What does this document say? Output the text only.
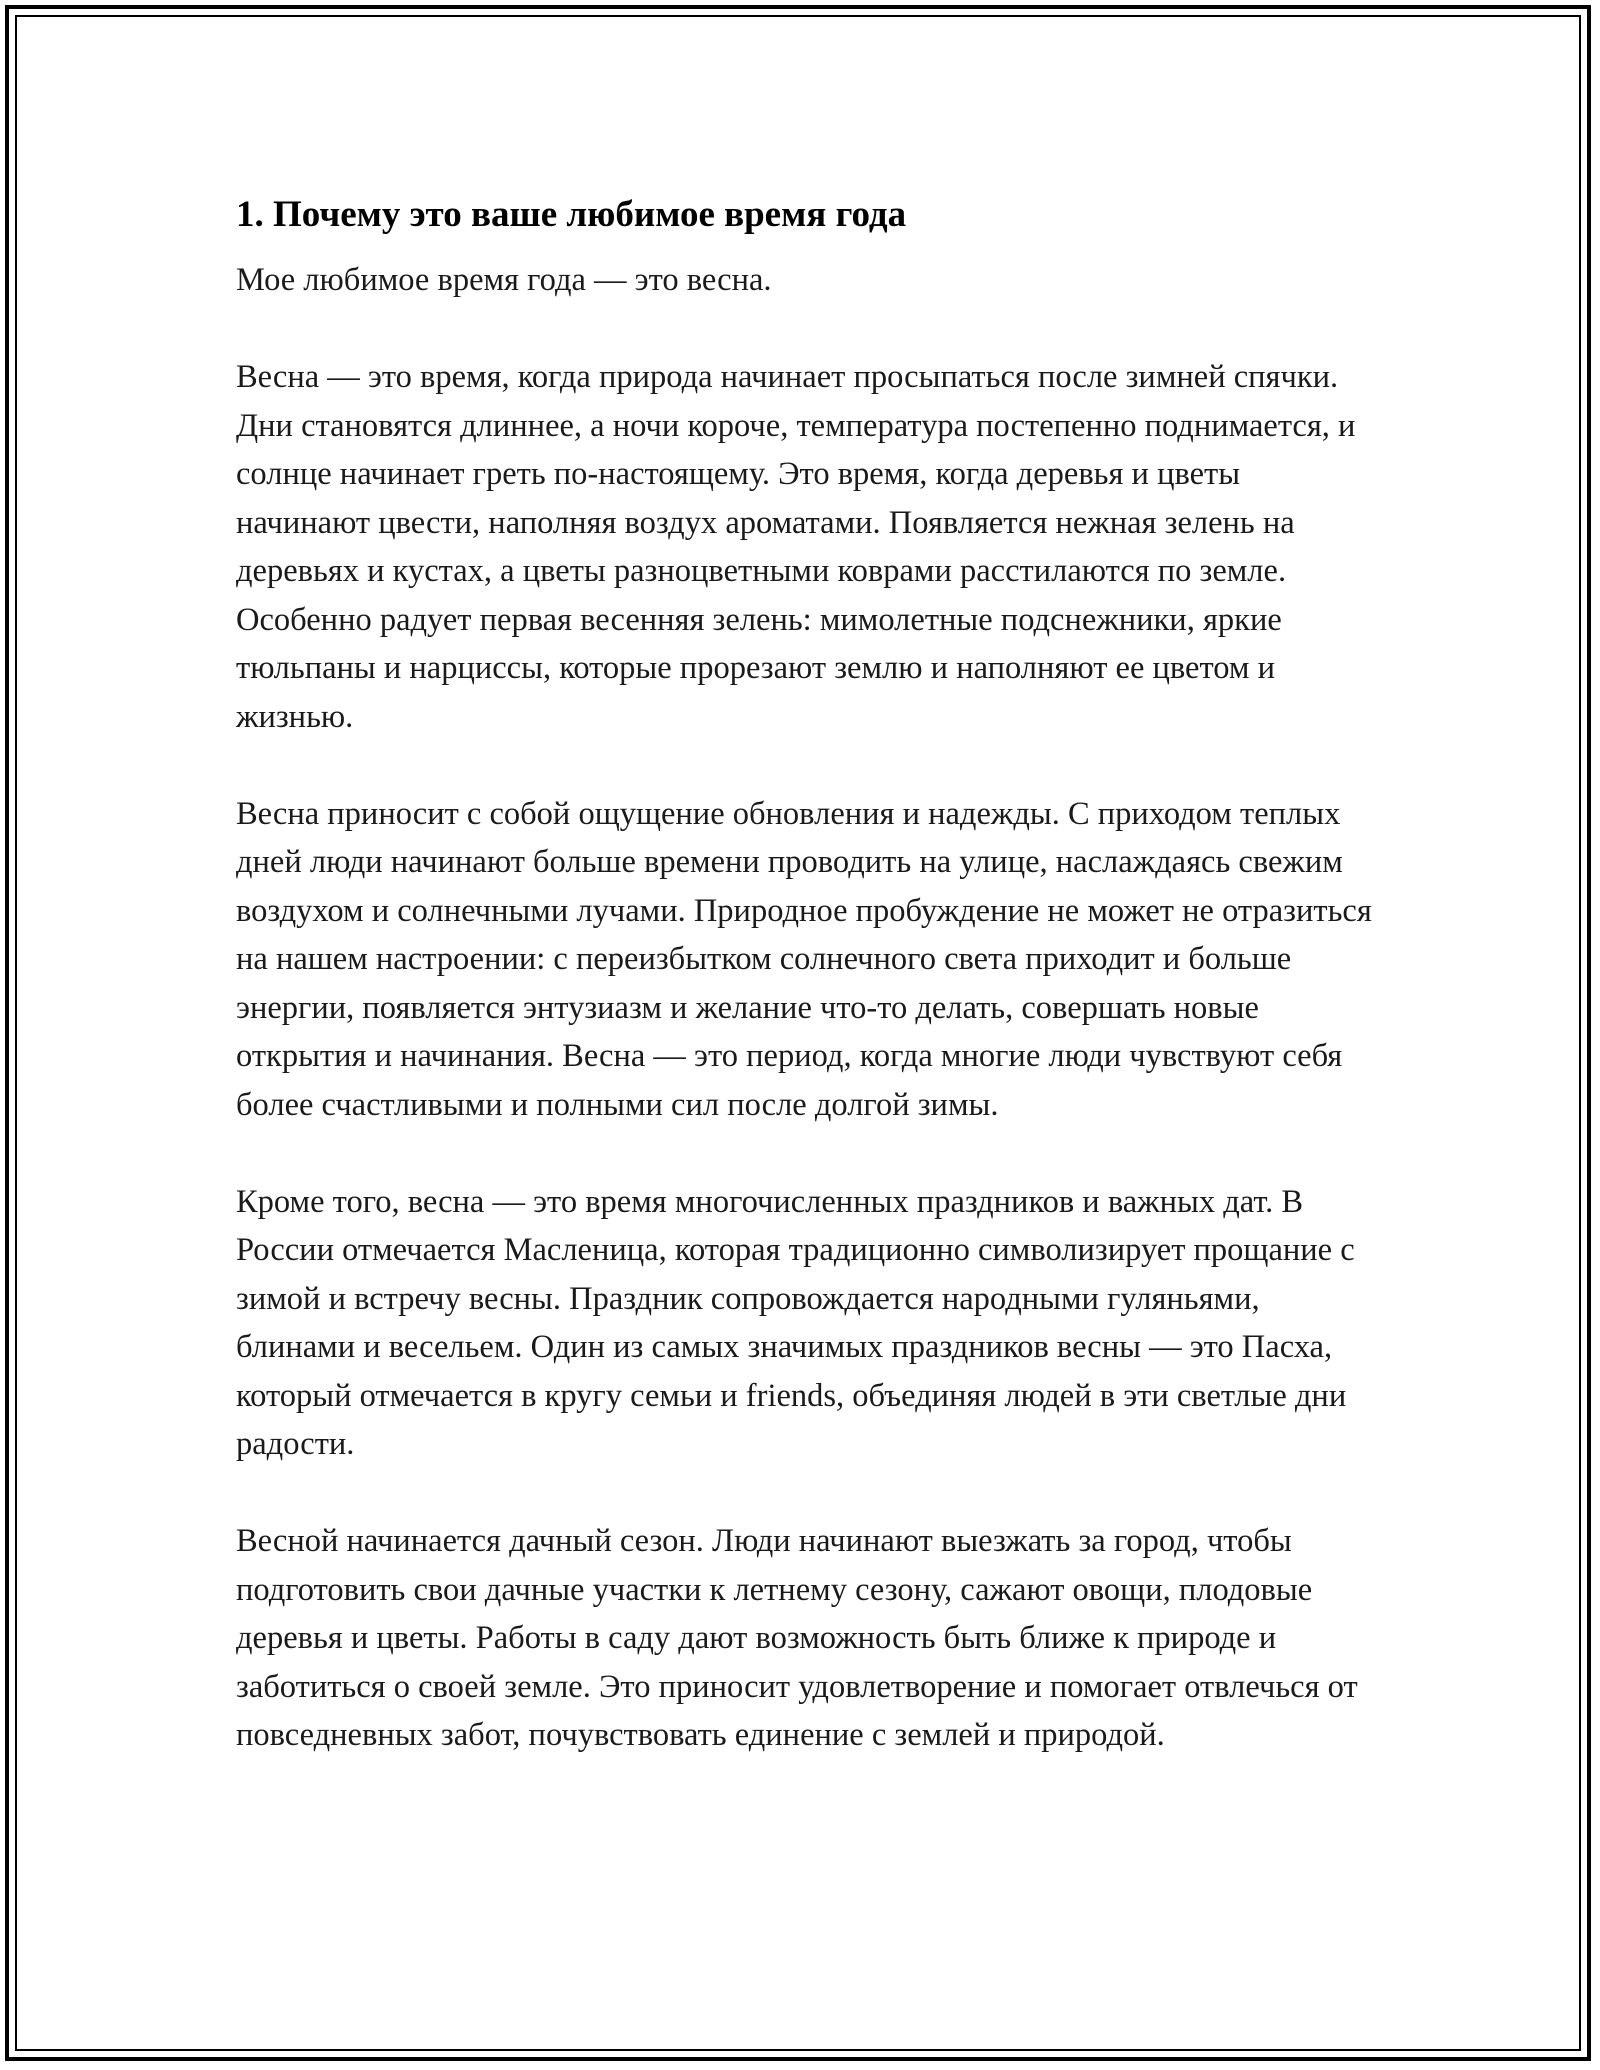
1. Почему это ваше любимое время года

Мое любимое время года — это весна.

Весна — это время, когда природа начинает просыпаться после зимней спячки. Дни становятся длиннее, а ночи короче, температура постепенно поднимается, и солнце начинает греть по-настоящему. Это время, когда деревья и цветы начинают цвести, наполняя воздух ароматами. Появляется нежная зелень на деревьях и кустах, а цветы разноцветными коврами расстилаются по земле. Особенно радует первая весенняя зелень: мимолетные подснежники, яркие тюльпаны и нарциссы, которые прорезают землю и наполняют ее цветом и жизнью.

Весна приносит с собой ощущение обновления и надежды. С приходом теплых дней люди начинают больше времени проводить на улице, наслаждаясь свежим воздухом и солнечными лучами. Природное пробуждение не может не отразиться на нашем настроении: с переизбытком солнечного света приходит и больше энергии, появляется энтузиазм и желание что-то делать, совершать новые открытия и начинания. Весна — это период, когда многие люди чувствуют себя более счастливыми и полными сил после долгой зимы.

Кроме того, весна — это время многочисленных праздников и важных дат. В России отмечается Масленица, которая традиционно символизирует прощание с зимой и встречу весны. Праздник сопровождается народными гуляньями, блинами и весельем. Один из самых значимых праздников весны — это Пасха, который отмечается в кругу семьи и friends, объединяя людей в эти светлые дни радости.

Весной начинается дачный сезон. Люди начинают выезжать за город, чтобы подготовить свои дачные участки к летнему сезону, сажают овощи, плодовые деревья и цветы. Работы в саду дают возможность быть ближе к природе и заботиться о своей земле. Это приносит удовлетворение и помогает отвлечься от повседневных забот, почувствовать единение с землей и природой.
